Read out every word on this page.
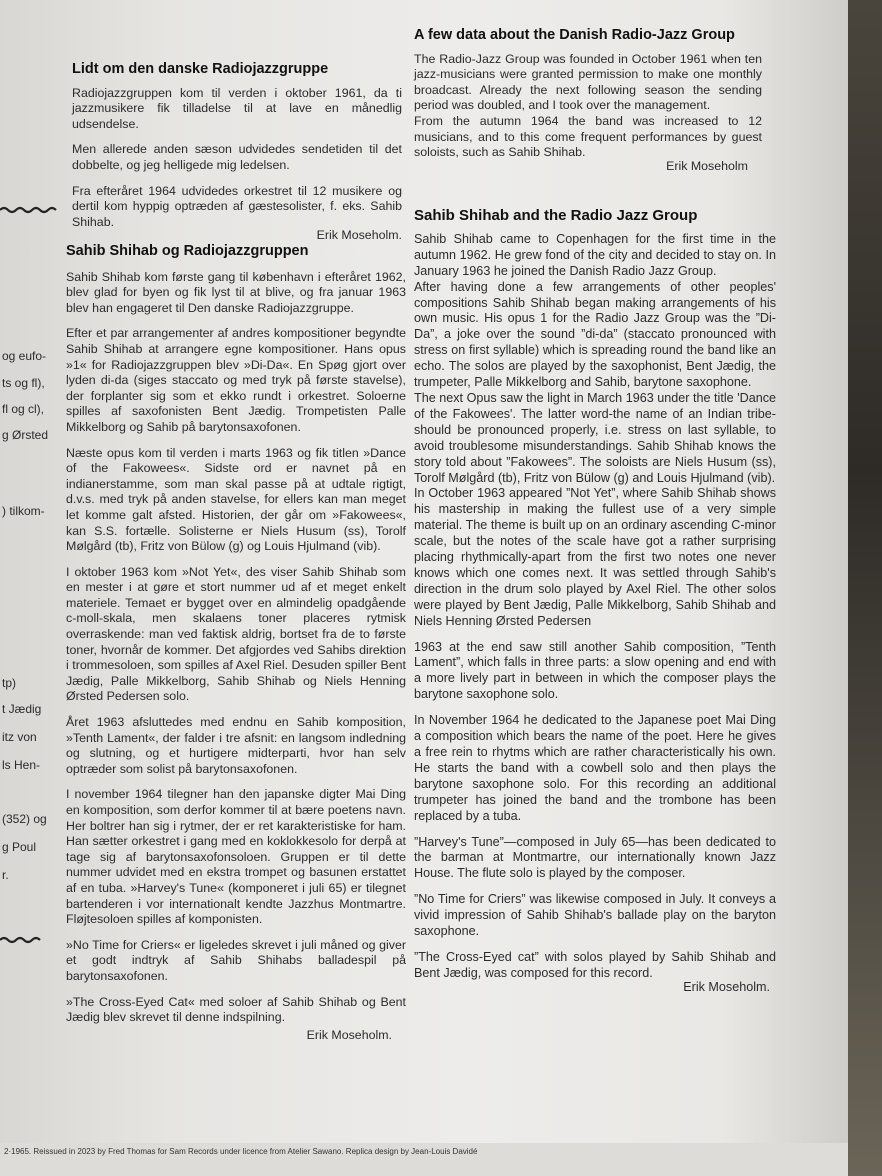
og eufo-
ts og fl),
fl og cl),
g Ørsted
) tilkom-
tp)
t Jædig
itz von
ls Hen-
(352) og
g Poul
r.
Lidt om den danske Radiojazzgruppe

Radiojazzgruppen kom til verden i oktober 1961, da ti jazzmusikere fik tilladelse til at lave en månedlig udsendelse.

Men allerede anden sæson udvidedes sendetiden til det dobbelte, og jeg helligede mig ledelsen.

Fra efteråret 1964 udvidedes orkestret til 12 musikere og dertil kom hyppig optræden af gæstesolister, f. eks. Sahib Shihab.

Erik Moseholm.
Sahib Shihab og Radiojazzgruppen

Sahib Shihab kom første gang til københavn i efteråret 1962, blev glad for byen og fik lyst til at blive, og fra januar 1963 blev han engageret til Den danske Radiojazzgruppe.

Efter et par arrangementer af andres kompositioner begyndte Sahib Shihab at arrangere egne kompositioner. Hans opus »1« for Radiojazzgruppen blev »Di-Da«. En Spøg gjort over lyden di-da (siges staccato og med tryk på første stavelse), der forplanter sig som et ekko rundt i orkestret. Soloerne spilles af saxofonisten Bent Jædig. Trompetisten Palle Mikkelborg og Sahib på barytonsaxofonen.

Næste opus kom til verden i marts 1963 og fik titlen »Dance of the Fakowees«. Sidste ord er navnet på en indianerstamme, som man skal passe på at udtale rigtigt, d.v.s. med tryk på anden stavelse, for ellers kan man meget let komme galt afsted. Historien, der går om »Fakowees«, kan S.S. fortælle. Solisterne er Niels Husum (ss), Torolf Mølgård (tb), Fritz von Bülow (g) og Louis Hjulmand (vib).

I oktober 1963 kom »Not Yet«, des viser Sahib Shihab som en mester i at gøre et stort nummer ud af et meget enkelt materiele. Temaet er bygget over en almindelig opadgående c-moll-skala, men skalaens toner placeres rytmisk overraskende: man ved faktisk aldrig, bortset fra de to første toner, hvornår de kommer. Det afgjordes ved Sahibs direktion i trommesoloen, som spilles af Axel Riel. Desuden spiller Bent Jædig, Palle Mikkelborg, Sahib Shihab og Niels Henning Ørsted Pedersen solo.

Året 1963 afsluttedes med endnu en Sahib komposition, »Tenth Lament«, der falder i tre afsnit: en langsom indledning og slutning, og et hurtigere midterparti, hvor han selv optræder som solist på barytonsaxofonen.

I november 1964 tilegner han den japanske digter Mai Ding en komposition, som derfor kommer til at bære poetens navn. Her boltrer han sig i rytmer, der er ret karakteristiske for ham. Han sætter orkestret i gang med en koklokkesolo for derpå at tage sig af barytonsaxofonsoloen. Gruppen er til dette nummer udvidet med en ekstra trompet og basunen erstattet af en tuba. »Harvey's Tune« (komponeret i juli 65) er tilegnet bartenderen i vor internationalt kendte Jazzhus Montmartre. Fløjtesoloen spilles af komponisten.

»No Time for Criers« er ligeledes skrevet i juli måned og giver et godt indtryk af Sahib Shihabs balladespil på barytonsaxofonen.

»The Cross-Eyed Cat« med soloer af Sahib Shihab og Bent Jædig blev skrevet til denne indspilning.

Erik Moseholm.
A few data about the Danish Radio-Jazz Group

The Radio-Jazz Group was founded in October 1961 when ten jazz-musicians were granted permission to make one monthly broadcast. Already the next following season the sending period was doubled, and I took over the management.

From the autumn 1964 the band was increased to 12 musicians, and to this come frequent performances by guest soloists, such as Sahib Shihab.

Erik Moseholm
Sahib Shihab and the Radio Jazz Group

Sahib Shihab came to Copenhagen for the first time in the autumn 1962. He grew fond of the city and decided to stay on. In January 1963 he joined the Danish Radio Jazz Group.

After having done a few arrangements of other peoples' compositions Sahib Shihab began making arrangements of his own music. His opus 1 for the Radio Jazz Group was the ”Di-Da”, a joke over the sound ”di-da” (staccato pronounced with stress on first syllable) which is spreading round the band like an echo. The solos are played by the saxophonist, Bent Jædig, the trumpeter, Palle Mikkelborg and Sahib, barytone saxophone.

The next Opus saw the light in March 1963 under the title 'Dance of the Fakowees'. The latter word-the name of an Indian tribe-should be pronounced properly, i.e. stress on last syllable, to avoid troublesome misunderstandings. Sahib Shihab knows the story told about ”Fakowees”. The soloists are Niels Husum (ss), Torolf Mølgård (tb), Fritz von Bülow (g) and Louis Hjulmand (vib).

In October 1963 appeared ”Not Yet”, where Sahib Shihab shows his mastership in making the fullest use of a very simple material. The theme is built up on an ordinary ascending C-minor scale, but the notes of the scale have got a rather surprising placing rhythmically-apart from the first two notes one never knows which one comes next. It was settled through Sahib's direction in the drum solo played by Axel Riel. The other solos were played by Bent Jædig, Palle Mikkelborg, Sahib Shihab and Niels Henning Ørsted Pedersen

1963 at the end saw still another Sahib composition, ”Tenth Lament”, which falls in three parts: a slow opening and end with a more lively part in between in which the composer plays the barytone saxophone solo.

In November 1964 he dedicated to the Japanese poet Mai Ding a composition which bears the name of the poet. Here he gives a free rein to rhytms which are rather characteristically his own. He starts the band with a cowbell solo and then plays the barytone saxophone solo. For this recording an additional trumpeter has joined the band and the trombone has been replaced by a tuba.

”Harvey's Tune”—composed in July 65—has been dedicated to the barman at Montmartre, our internationally known Jazz House. The flute solo is played by the composer.

”No Time for Criers” was likewise composed in July. It conveys a vivid impression of Sahib Shihab's ballade play on the baryton saxophone.

”The Cross-Eyed cat” with solos played by Sahib Shihab and Bent Jædig, was composed for this record.

Erik Moseholm.
2·1965. Reissued in 2023 by Fred Thomas for Sam Records under licence from Atelier Sawano. Replica design by Jean-Louis Davidé
